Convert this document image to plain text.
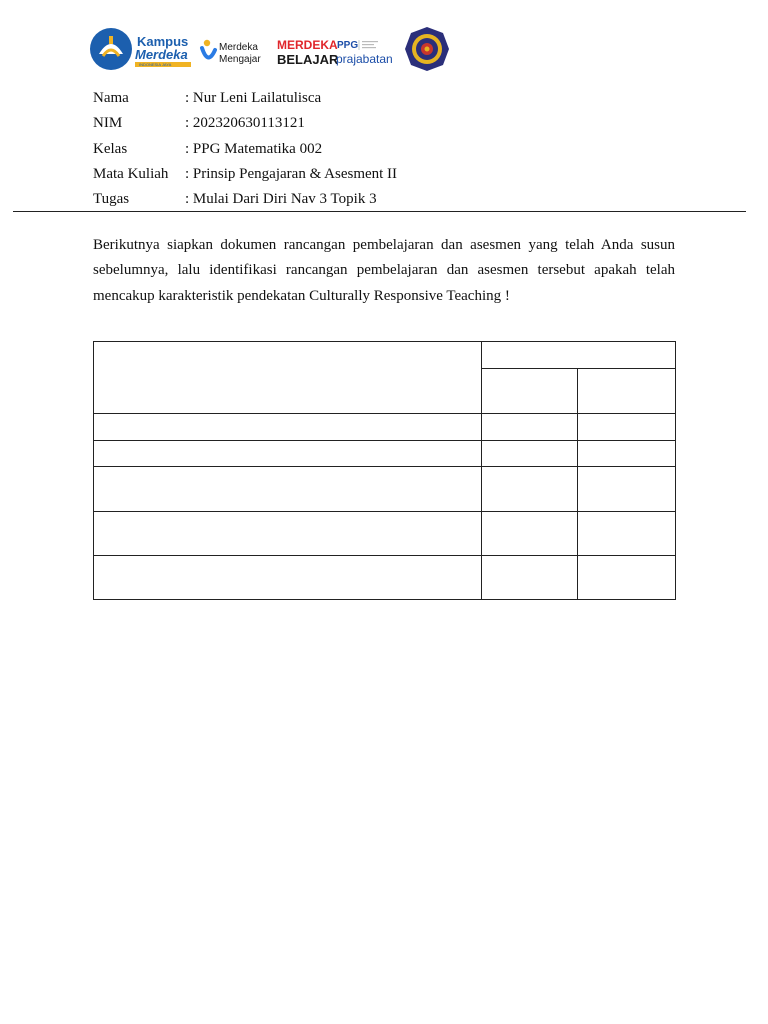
Kampus
Merdeka
INDONESIA JAYA
Merdeka
Mengajar
MERDEKA
BELAJAR
PPG
prajabatan
Nama	: Nur Leni Lailatulisca
NIM	: 202320630113121
Kelas	: PPG Matematika 002
Mata Kuliah	: Prinsip Pengajaran & Asesment II
Tugas	: Mulai Dari Diri Nav 3 Topik 3

Berikutnya siapkan dokumen rancangan pembelajaran dan asesmen yang telah Anda susun sebelumnya, lalu identifikasi rancangan pembelajaran dan asesmen tersebut apakah telah mencakup karakteristik pendekatan Culturally Responsive Teaching !
